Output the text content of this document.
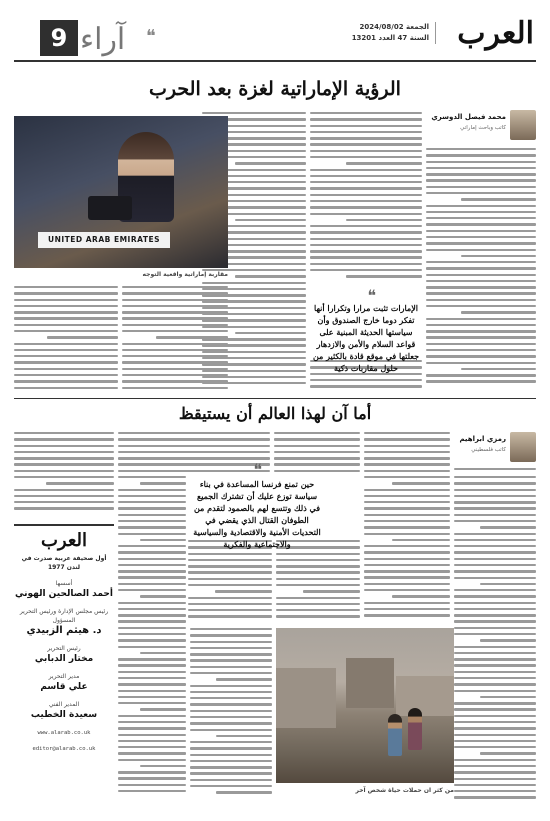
العرب
الجمعة 2024/08/02
السنة 47 العدد 13201
❝
آراء
9
الرؤية الإماراتية لغزة بعد الحرب
محمد فيصل الدوسري
كاتب وباحث إماراتي
❝
الإمارات تثبت مرارا وتكرارا أنها تفكر دوما خارج الصندوق وأن سياستها الحديثة المبنية على قواعد السلام والأمن والازدهار جعلتها في موقع قادة بالكثير من حلول مقاربات ذكية
UNITED ARAB EMIRATES
مقاربة إماراتية واقعية التوجه
أما آن لهذا العالم أن يستيقظ
رمزي ابراهيم
كاتب فلسطيني
❝
حين تمنع فرنسا المساعدة في بناء سياسة توزع عليك أن تشترك الجميع في ذلك وتتسع لهم بالصمود لتقدم من الطوفان القتال الذي يقضي في التحديات الأمنية والاقتصادية والسياسية والاجتماعية والفكرية
من كثر ان حملات حياة شخص آخر
العرب
أول صحيفة عربية صدرت في لندن 1977
أسسها
أحمد الصالحين الهوني
رئيس مجلس الإدارة ورئيس التحرير المسؤول
د. هيثم الزبيدي
رئيس التحرير
مختار الدبابي
مدير التحرير
علي قاسم
المدير الفني
سعيدة الخطيب
www.alarab.co.uk
editor@alarab.co.uk
